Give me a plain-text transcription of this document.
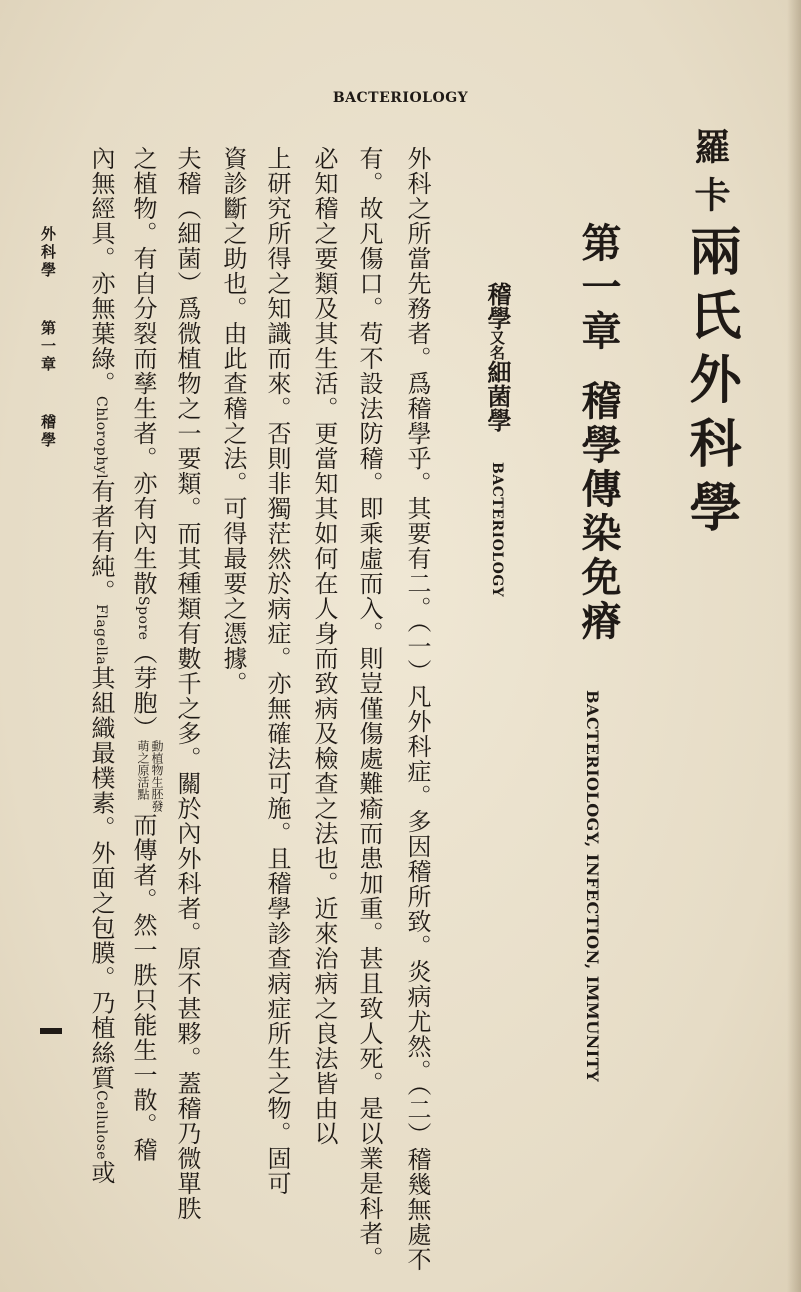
BACTERIOLOGY
羅卡兩氏外科學
第一章稽學傳染免瘠
BACTERIOLOGY, INFECTION, IMMUNITY
稽學又名細菌學BACTERIOLOGY
外科之所當先務者。爲稽學乎。其要有二。（一）凡外科症。多因稽所致。炎病尤然。（二）稽幾無處不
有。故凡傷口。苟不設法防稽。即乘虛而入。則豈僅傷處難瘉而患加重。甚且致人死。是以業是科者。
必知稽之要類及其生活。更當知其如何在人身而致病及檢查之法也。近來治病之良法皆由以
上研究所得之知識而來。否則非獨茫然於病症。亦無確法可施。且稽學診查病症所生之物。固可
資診斷之助也。由此查稽之法。可得最要之憑據。
夫稽（細菌）爲微植物之一要類。而其種類有數千之多。關於內外科者。原不甚夥。蓋稽乃微單胅
之植物。有自分裂而孳生者。亦有內生散Spore（芽胞）動植物生胚發
萌之原活點而傳者。然一胅只能生一散。稽
內無經具。亦無葉綠。Chlorophyl有者有純。Flagella其組織最樸素。外面之包膜。乃植絲質Cellulose或
外科學第一章稽學
